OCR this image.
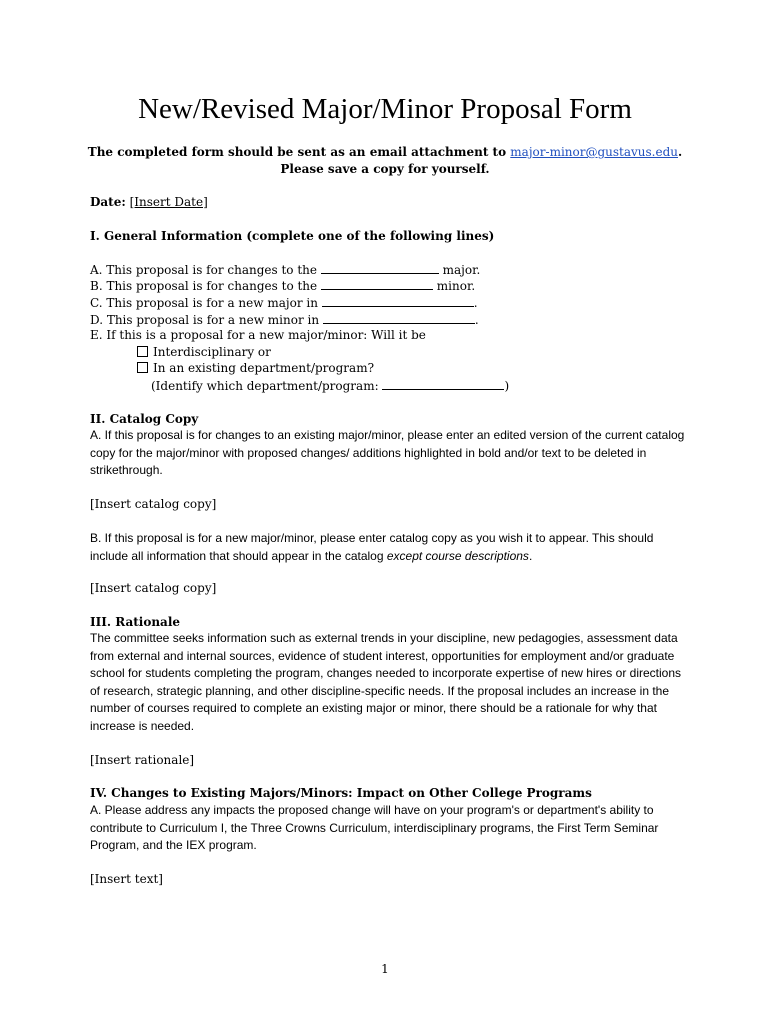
New/Revised Major/Minor Proposal Form
The completed form should be sent as an email attachment to major-minor@gustavus.edu.
Please save a copy for yourself.
Date: [Insert Date]
I. General Information (complete one of the following lines)
A. This proposal is for changes to the	major.
B. This proposal is for changes to the	minor.
C. This proposal is for a new major in	.
D. This proposal is for a new minor in	.
E. If this is a proposal for a new major/minor: Will it be
Interdisciplinary or
In an existing department/program?
(Identify which department/program:	)
II. Catalog Copy
A. If this proposal is for changes to an existing major/minor, please enter an edited version of the current catalog copy for the major/minor with proposed changes/ additions highlighted in bold and/or text to be deleted in strikethrough.
[Insert catalog copy]
B. If this proposal is for a new major/minor, please enter catalog copy as you wish it to appear. This should include all information that should appear in the catalog except course descriptions.
[Insert catalog copy]
III. Rationale
The committee seeks information such as external trends in your discipline, new pedagogies, assessment data from external and internal sources, evidence of student interest, opportunities for employment and/or graduate school for students completing the program, changes needed to incorporate expertise of new hires or directions of research, strategic planning, and other discipline-specific needs. If the proposal includes an increase in the number of courses required to complete an existing major or minor, there should be a rationale for why that increase is needed.
[Insert rationale]
IV. Changes to Existing Majors/Minors: Impact on Other College Programs
A. Please address any impacts the proposed change will have on your program's or department's ability to contribute to Curriculum I, the Three Crowns Curriculum, interdisciplinary programs, the First Term Seminar Program, and the IEX program.
[Insert text]
1
